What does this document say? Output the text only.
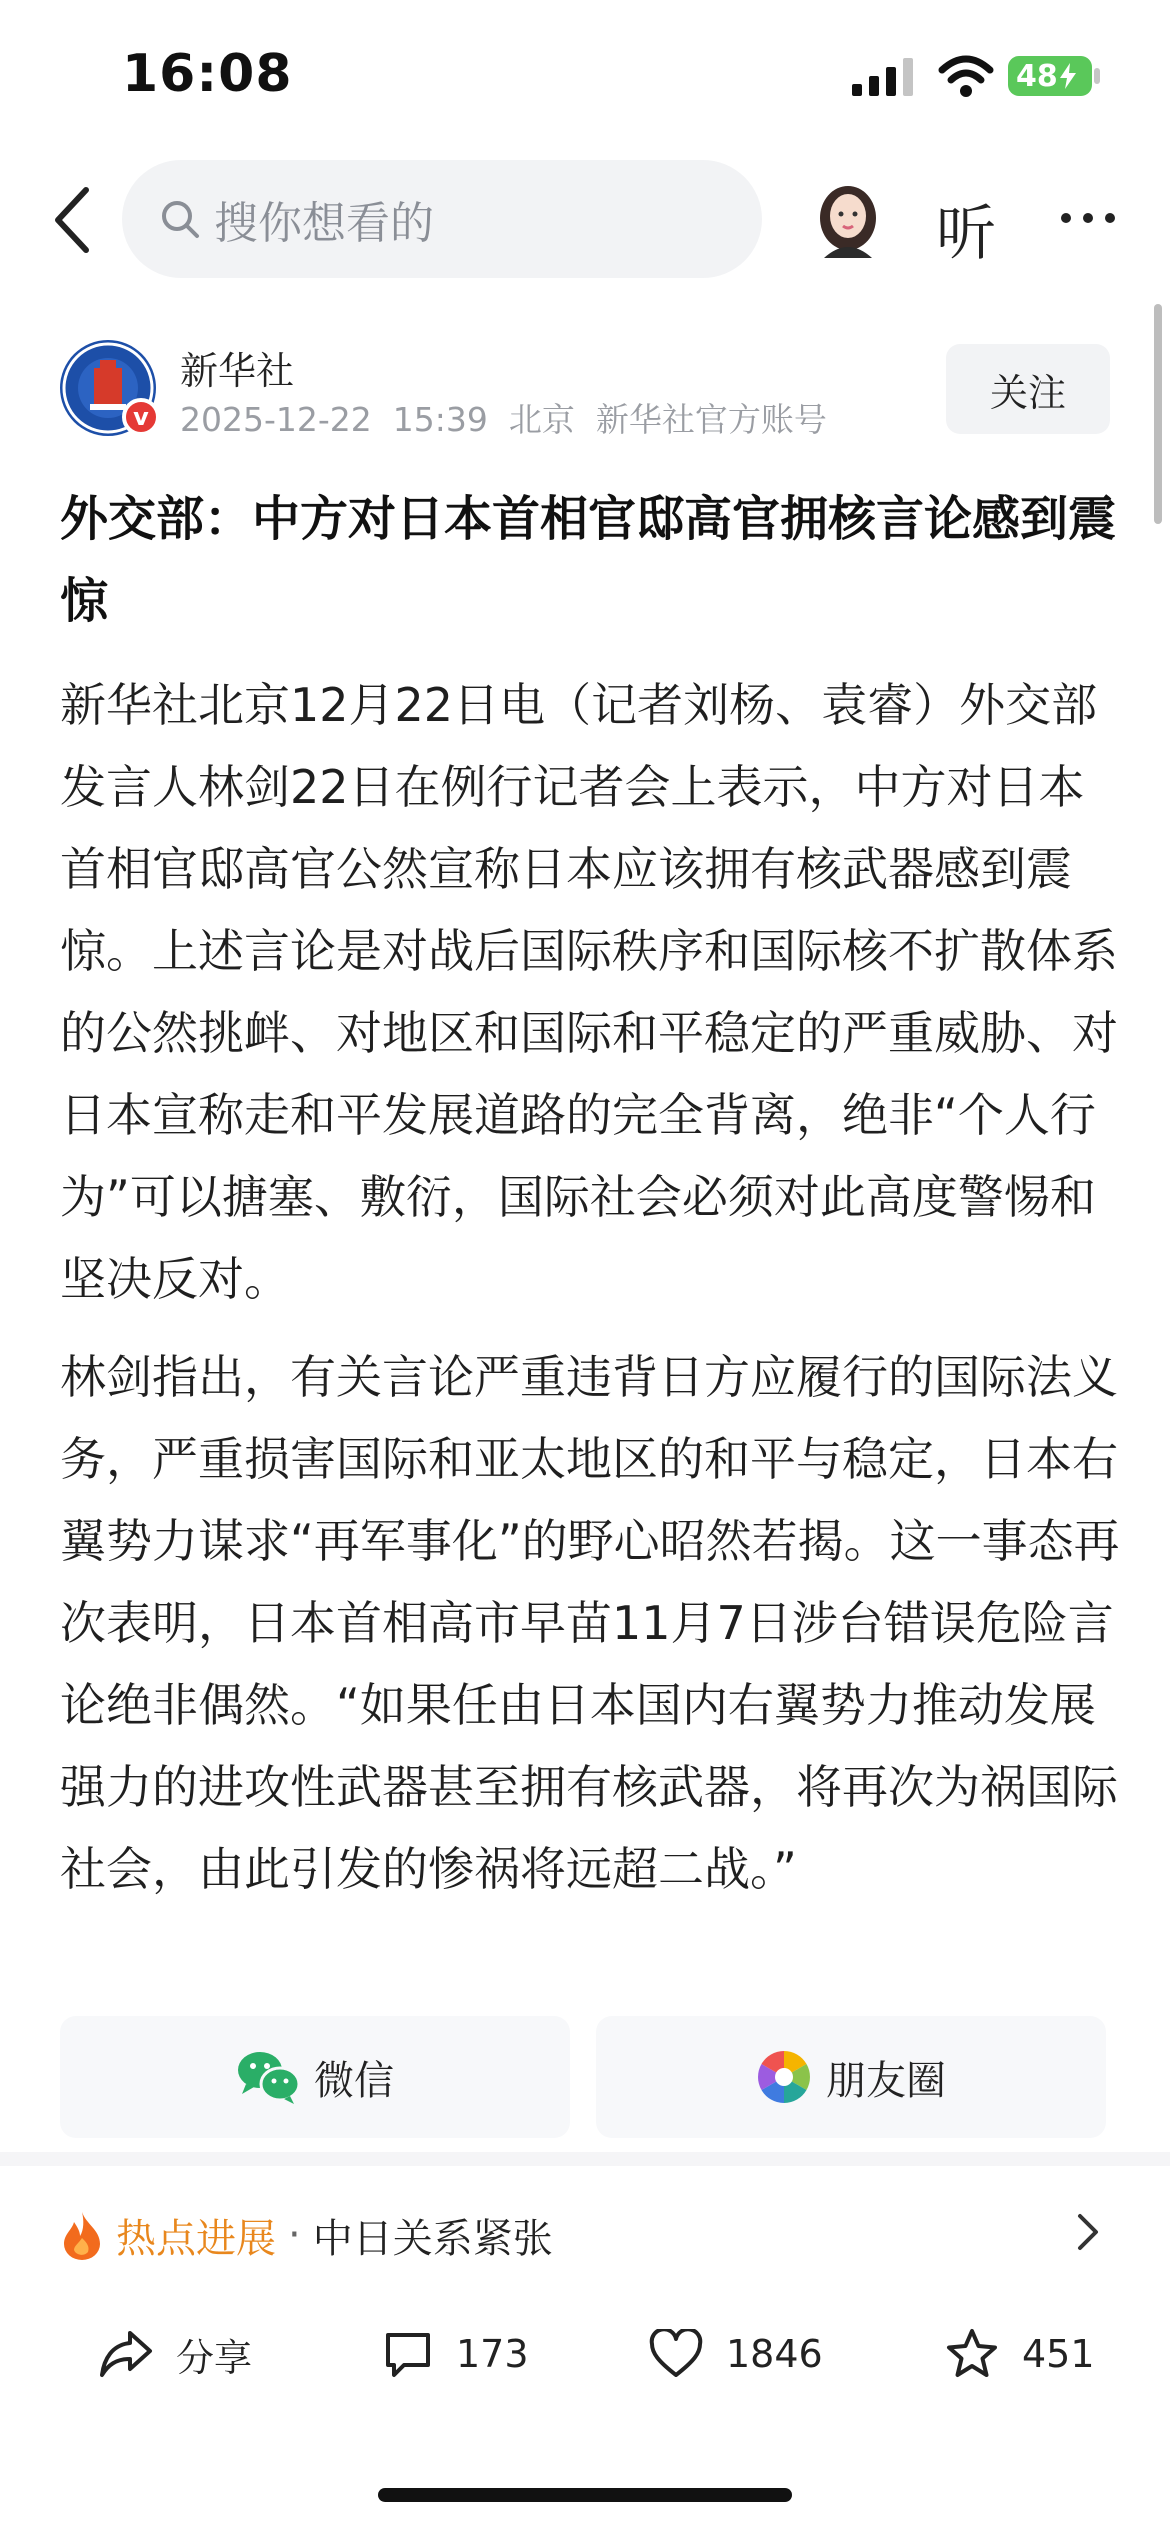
16:08	48
搜你想看的	听
v
新华社
2025-12-22 15:39 北京 新华社官方账号
关注
外交部：中方对日本首相官邸高官拥核言论感到震惊
新华社北京12月22日电（记者刘杨、袁睿）外交部发言人林剑22日在例行记者会上表示，中方对日本首相官邸高官公然宣称日本应该拥有核武器感到震惊。上述言论是对战后国际秩序和国际核不扩散体系的公然挑衅、对地区和国际和平稳定的严重威胁、对日本宣称走和平发展道路的完全背离，绝非“个人行为”可以搪塞、敷衍，国际社会必须对此高度警惕和坚决反对。
林剑指出，有关言论严重违背日方应履行的国际法义务，严重损害国际和亚太地区的和平与稳定，日本右翼势力谋求“再军事化”的野心昭然若揭。这一事态再次表明，日本首相高市早苗11月7日涉台错误危险言论绝非偶然。“如果任由日本国内右翼势力推动发展强力的进攻性武器甚至拥有核武器，将再次为祸国际社会，由此引发的惨祸将远超二战。”
微信	朋友圈
热点进展 · 中日关系紧张
分享	173	1846	451
